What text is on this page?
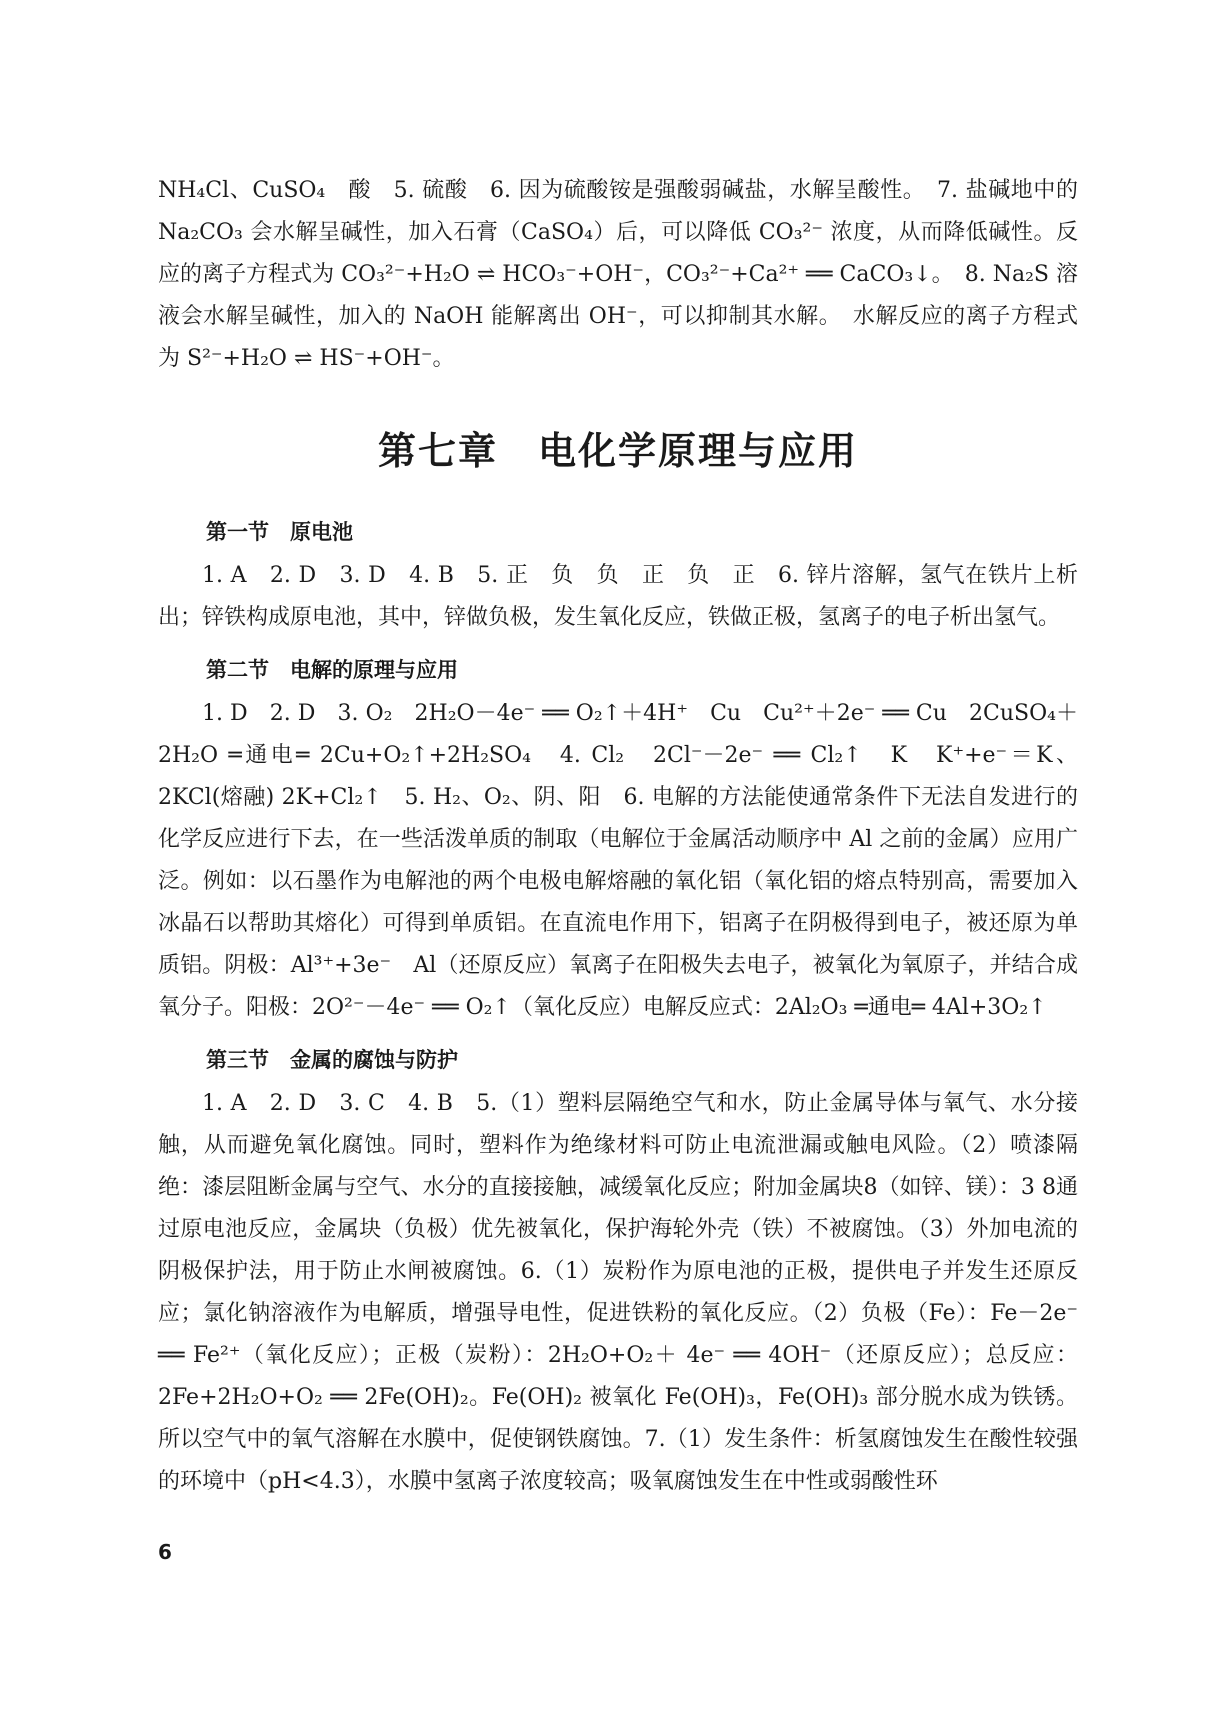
NH₄Cl、CuSO₄　酸　5. 硫酸　6. 因为硫酸铵是强酸弱碱盐，水解呈酸性。　7. 盐碱地中的 Na₂CO₃ 会水解呈碱性，加入石膏（CaSO₄）后，可以降低 CO₃²⁻ 浓度，从而降低碱性。反应的离子方程式为 CO₃²⁻+H₂O ⇌ HCO₃⁻+OH⁻，CO₃²⁻+Ca²⁺ ══ CaCO₃↓。　8. Na₂S 溶液会水解呈碱性，加入的 NaOH 能解离出 OH⁻，可以抑制其水解。　水解反应的离子方程式为 S²⁻+H₂O ⇌ HS⁻+OH⁻。

第七章　电化学原理与应用
第一节　原电池

1. A　2. D　3. D　4. B　5. 正　负　负　正　负　正　6. 锌片溶解，氢气在铁片上析出；锌铁构成原电池，其中，锌做负极，发生氧化反应，铁做正极，氢离子的电子析出氢气。

第二节　电解的原理与应用

1. D　2. D　3. O₂　2H₂O－4e⁻ ══ O₂↑＋4H⁺　Cu　Cu²⁺＋2e⁻ ══ Cu　2CuSO₄＋2H₂O ═通电═ 2Cu+O₂↑+2H₂SO₄　4. Cl₂　2Cl⁻－2e⁻ ══ Cl₂↑　K　K⁺+e⁻＝K、2KCl(熔融) 2K+Cl₂↑　5. H₂、O₂、阴、阳　6. 电解的方法能使通常条件下无法自发进行的化学反应进行下去，在一些活泼单质的制取（电解位于金属活动顺序中 Al 之前的金属）应用广泛。例如：以石墨作为电解池的两个电极电解熔融的氧化铝（氧化铝的熔点特别高，需要加入冰晶石以帮助其熔化）可得到单质铝。在直流电作用下，铝离子在阴极得到电子，被还原为单质铝。阴极：Al³⁺+3e⁻　Al（还原反应）氧离子在阳极失去电子，被氧化为氧原子，并结合成氧分子。阳极：2O²⁻－4e⁻ ══ O₂↑（氧化反应）电解反应式：2Al₂O₃ ═通电═ 4Al+3O₂↑

第三节　金属的腐蚀与防护

1. A　2. D　3. C　4. B　5.（1）塑料层隔绝空气和水，防止金属导体与氧气、水分接触，从而避免氧化腐蚀。同时，塑料作为绝缘材料可防止电流泄漏或触电风险。（2）喷漆隔绝：漆层阻断金属与空气、水分的直接接触，减缓氧化反应；附加金属块8（如锌、镁）：3 8通过原电池反应，金属块（负极）优先被氧化，保护海轮外壳（铁）不被腐蚀。（3）外加电流的阴极保护法，用于防止水闸被腐蚀。6.（1）炭粉作为原电池的正极，提供电子并发生还原反应；氯化钠溶液作为电解质，增强导电性，促进铁粉的氧化反应。（2）负极（Fe）：Fe－2e⁻ ══ Fe²⁺（氧化反应）；正极（炭粉）：2H₂O+O₂＋ 4e⁻ ══ 4OH⁻（还原反应）；总反应：2Fe+2H₂O+O₂ ══ 2Fe(OH)₂。Fe(OH)₂ 被氧化 Fe(OH)₃，Fe(OH)₃ 部分脱水成为铁锈。所以空气中的氧气溶解在水膜中，促使钢铁腐蚀。7.（1）发生条件：析氢腐蚀发生在酸性较强的环境中（pH<4.3），水膜中氢离子浓度较高；吸氧腐蚀发生在中性或弱酸性环

6
